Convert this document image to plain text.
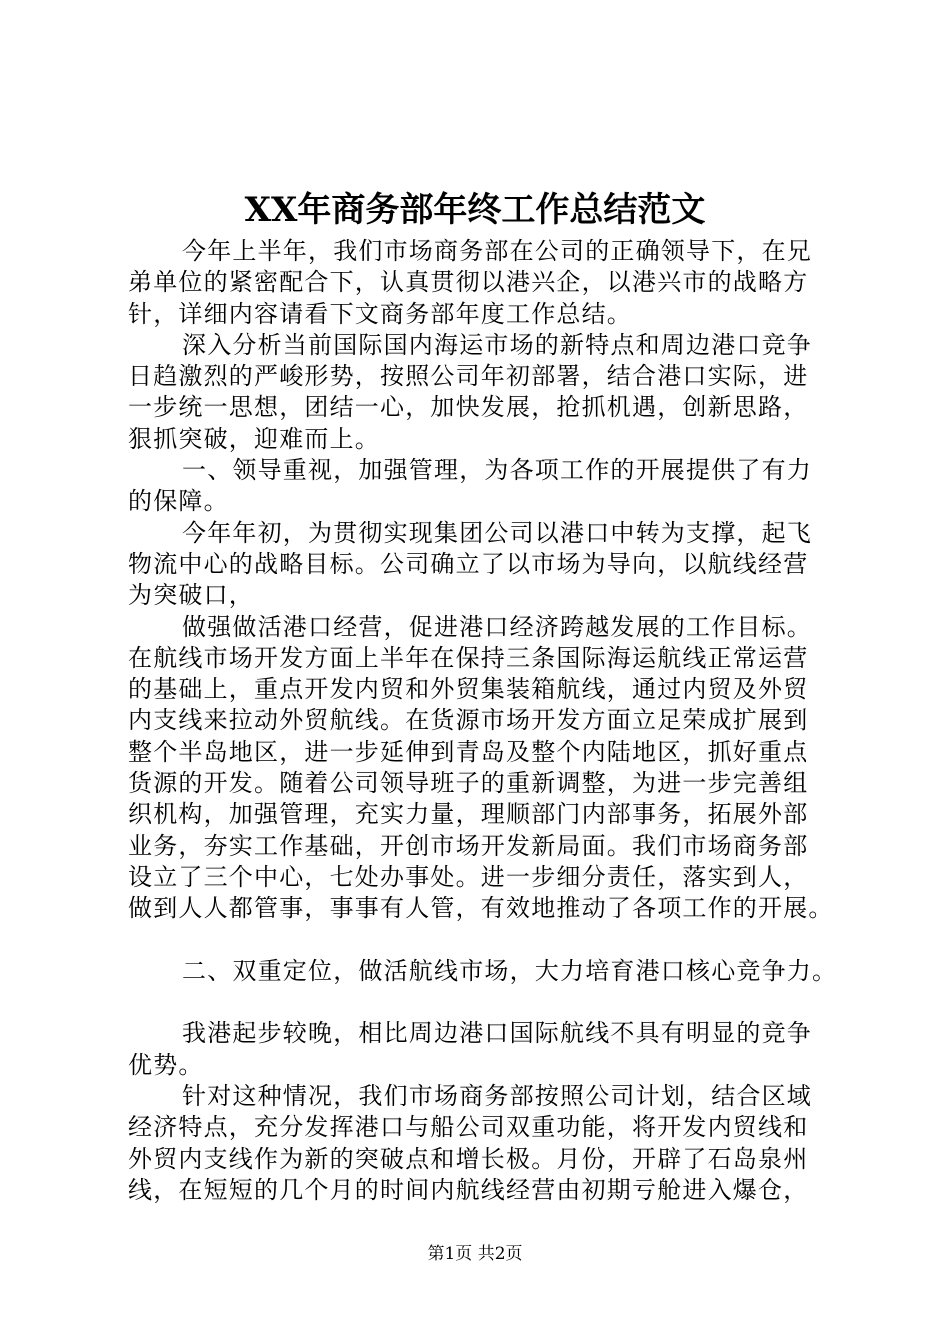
XX年商务部年终工作总结范文
今年上半年，我们市场商务部在公司的正确领导下，在兄
弟单位的紧密配合下，认真贯彻以港兴企，以港兴市的战略方
针，详细内容请看下文商务部年度工作总结。
深入分析当前国际国内海运市场的新特点和周边港口竞争
日趋激烈的严峻形势，按照公司年初部署，结合港口实际，进
一步统一思想，团结一心，加快发展，抢抓机遇，创新思路，
狠抓突破，迎难而上。
一、领导重视，加强管理，为各项工作的开展提供了有力
的保障。
今年年初，为贯彻实现集团公司以港口中转为支撑，起飞
物流中心的战略目标。公司确立了以市场为导向，以航线经营
为突破口，
做强做活港口经营，促进港口经济跨越发展的工作目标。
在航线市场开发方面上半年在保持三条国际海运航线正常运营
的基础上，重点开发内贸和外贸集装箱航线，通过内贸及外贸
内支线来拉动外贸航线。在货源市场开发方面立足荣成扩展到
整个半岛地区，进一步延伸到青岛及整个内陆地区，抓好重点
货源的开发。随着公司领导班子的重新调整，为进一步完善组
织机构，加强管理，充实力量，理顺部门内部事务，拓展外部
业务，夯实工作基础，开创市场开发新局面。我们市场商务部
设立了三个中心，七处办事处。进一步细分责任，落实到人，
做到人人都管事，事事有人管，有效地推动了各项工作的开展。
二、双重定位，做活航线市场，大力培育港口核心竞争力。
我港起步较晚，相比周边港口国际航线不具有明显的竞争
优势。
针对这种情况，我们市场商务部按照公司计划，结合区域
经济特点，充分发挥港口与船公司双重功能，将开发内贸线和
外贸内支线作为新的突破点和增长极。月份，开辟了石岛泉州
线，在短短的几个月的时间内航线经营由初期亏舱进入爆仓，
第1页 共2页
